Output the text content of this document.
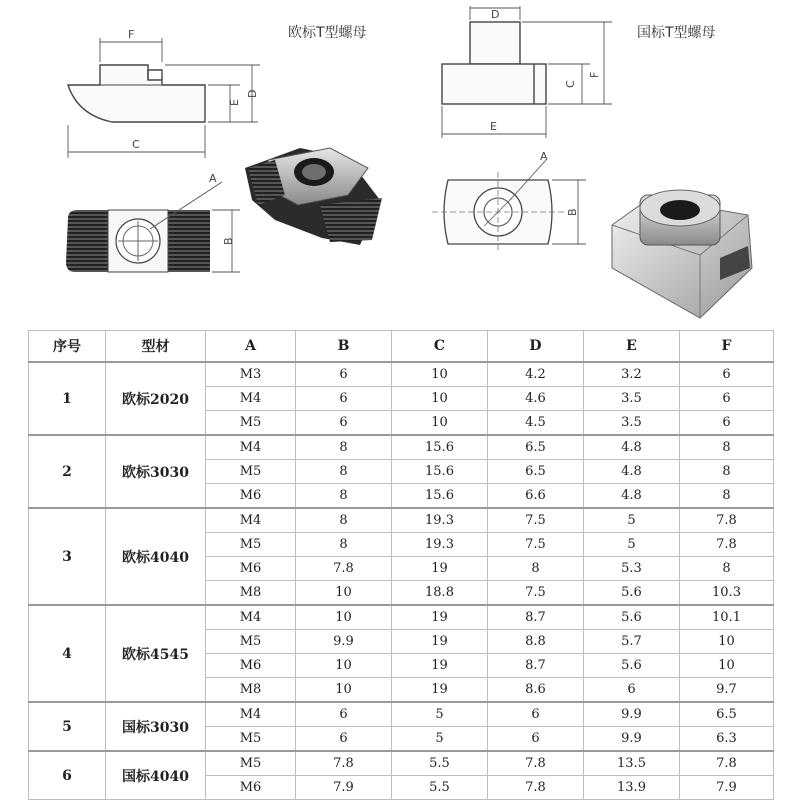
欧标T型螺母	国标T型螺母
F
C
E
D
A
B
D
E
C
F
A
B
序号	型材	A	B	C	D	E	F
1	欧标2020	M3	6	10	4.2	3.2	6
		M4	6	10	4.6	3.5	6
		M5	6	10	4.5	3.5	6
2	欧标3030	M4	8	15.6	6.5	4.8	8
		M5	8	15.6	6.5	4.8	8
		M6	8	15.6	6.6	4.8	8
3	欧标4040	M4	8	19.3	7.5	5	7.8
		M5	8	19.3	7.5	5	7.8
		M6	7.8	19	8	5.3	8
		M8	10	18.8	7.5	5.6	10.3
4	欧标4545	M4	10	19	8.7	5.6	10.1
		M5	9.9	19	8.8	5.7	10
		M6	10	19	8.7	5.6	10
		M8	10	19	8.6	6	9.7
5	国标3030	M4	6	5	6	9.9	6.5
		M5	6	5	6	9.9	6.3
6	国标4040	M5	7.8	5.5	7.8	13.5	7.8
		M6	7.9	5.5	7.8	13.9	7.9
